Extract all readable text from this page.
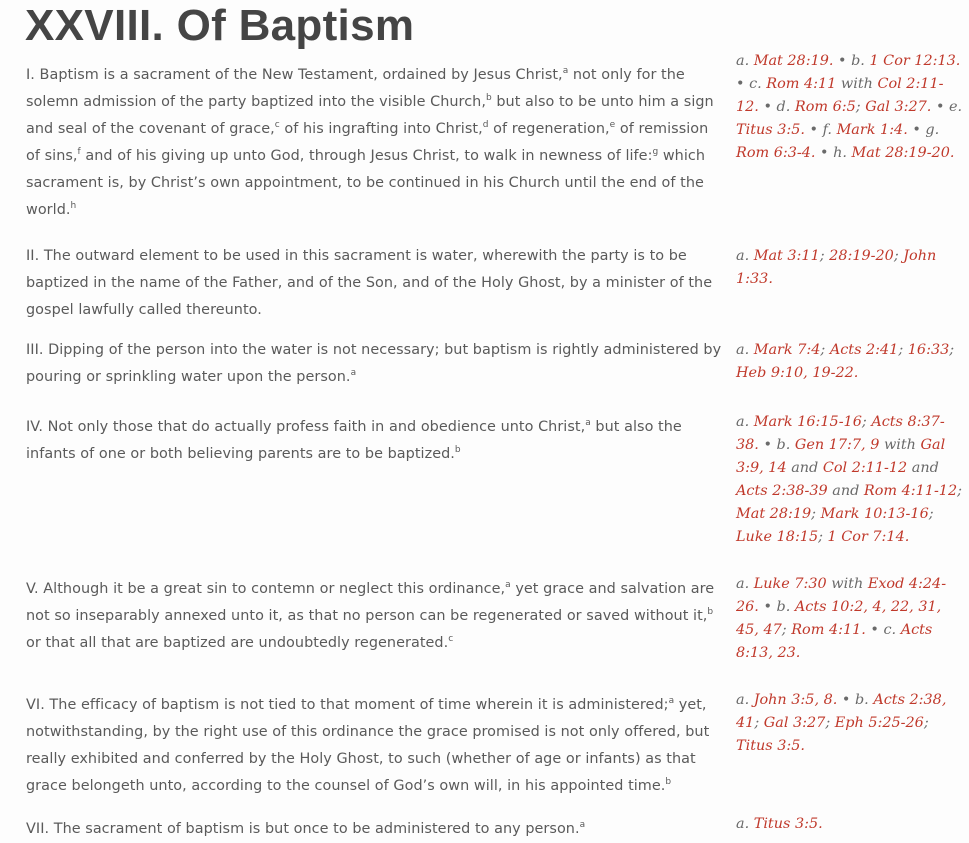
XXVIII. Of Baptism

I. Baptism is a sacrament of the New Testament, ordained by Jesus Christ,$^a$ not only for the solemn admission of the party baptized into the visible Church,$^b$ but also to be unto him a sign and seal of the covenant of grace,$^c$ of his ingrafting into Christ,$^d$ of regeneration,$^e$ of remission of sins,$^f$ and of his giving up unto God, through Jesus Christ, to walk in newness of life:$^g$ which sacrament is, by Christ’s own appointment, to be continued in his Church until the end of the world.$^h$

a. Mat 28:19. • b. 1 Cor 12:13. • c. Rom 4:11 with Col 2:11-12. • d. Rom 6:5; Gal 3:27. • e. Titus 3:5. • f. Mark 1:4. • g. Rom 6:3-4. • h. Mat 28:19-20.

II. The outward element to be used in this sacrament is water, wherewith the party is to be baptized in the name of the Father, and of the Son, and of the Holy Ghost, by a minister of the gospel lawfully called thereunto.

a. Mat 3:11; 28:19-20; John 1:33.

III. Dipping of the person into the water is not necessary; but baptism is rightly administered by pouring or sprinkling water upon the person.$^a$

a. Mark 7:4; Acts 2:41; 16:33; Heb 9:10, 19-22.

IV. Not only those that do actually profess faith in and obedience unto Christ,$^a$ but also the infants of one or both believing parents are to be baptized.$^b$

a. Mark 16:15-16; Acts 8:37-38. • b. Gen 17:7, 9 with Gal 3:9, 14 and Col 2:11-12 and Acts 2:38-39 and Rom 4:11-12; Mat 28:19; Mark 10:13-16; Luke 18:15; 1 Cor 7:14.

V. Although it be a great sin to contemn or neglect this ordinance,$^a$ yet grace and salvation are not so inseparably annexed unto it, as that no person can be regenerated or saved without it,$^b$ or that all that are baptized are undoubtedly regenerated.$^c$

a. Luke 7:30 with Exod 4:24-26. • b. Acts 10:2, 4, 22, 31, 45, 47; Rom 4:11. • c. Acts 8:13, 23.

VI. The efficacy of baptism is not tied to that moment of time wherein it is administered;$^a$ yet, notwithstanding, by the right use of this ordinance the grace promised is not only offered, but really exhibited and conferred by the Holy Ghost, to such (whether of age or infants) as that grace belongeth unto, according to the counsel of God’s own will, in his appointed time.$^b$

a. John 3:5, 8. • b. Acts 2:38, 41; Gal 3:27; Eph 5:25-26; Titus 3:5.

VII. The sacrament of baptism is but once to be administered to any person.$^a$	a. Titus 3:5.
